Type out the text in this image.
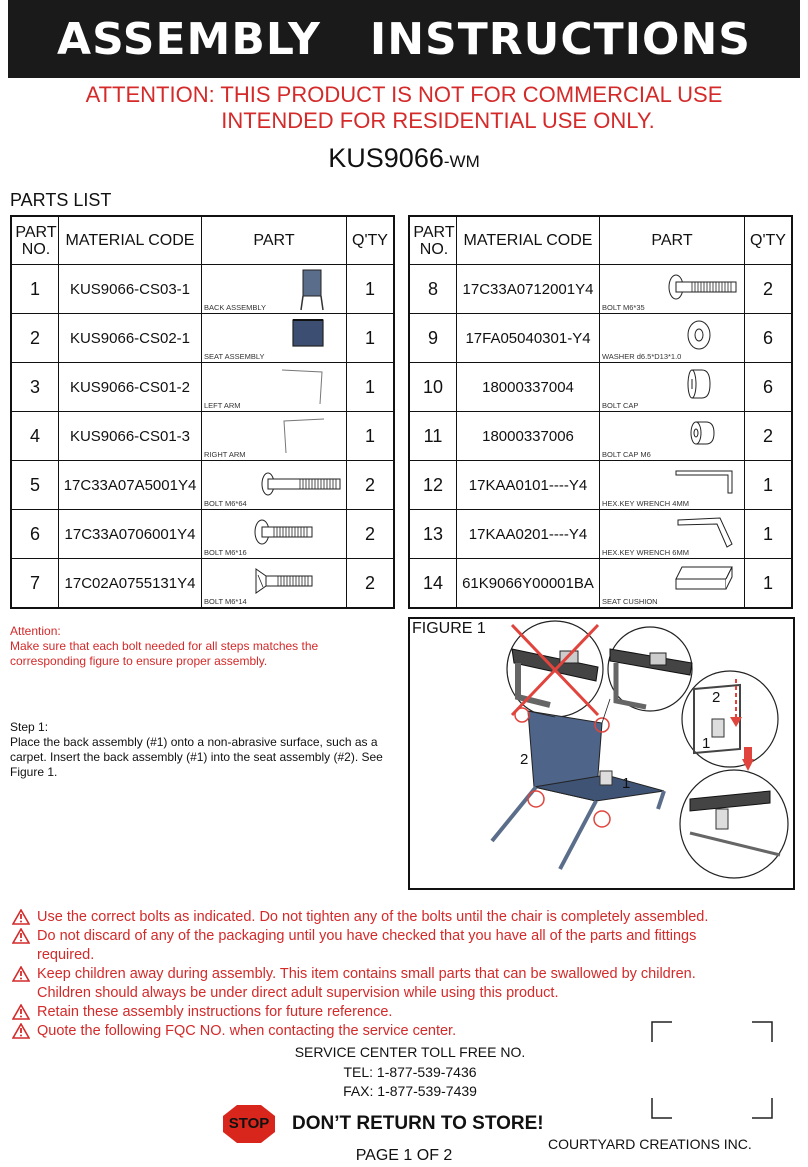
ASSEMBLY   INSTRUCTIONS
ATTENTION: THIS PRODUCT IS NOT FOR COMMERCIAL USE
INTENDED FOR RESIDENTIAL USE ONLY.
KUS9066-WM
PARTS LIST
PART
NO.	MATERIAL CODE	PART	Q'TY
1	KUS9066-CS03-1	BACK ASSEMBLY	1
2	KUS9066-CS02-1	SEAT ASSEMBLY	1
3	KUS9066-CS01-2	LEFT ARM	1
4	KUS9066-CS01-3	RIGHT ARM	1
5	17C33A07A5001Y4	BOLT M6*64	2
6	17C33A0706001Y4	BOLT M6*16	2
7	17C02A0755131Y4	BOLT M6*14	2
PART
NO.	MATERIAL CODE	PART	Q'TY
8	17C33A0712001Y4	BOLT M6*35	2
9	17FA05040301-Y4	WASHER d6.5*D13*1.0	6
10	18000337004	BOLT CAP	6
11	18000337006	BOLT CAP M6	2
12	17KAA0101----Y4	HEX.KEY WRENCH 4MM	1
13	17KAA0201----Y4	HEX.KEY WRENCH 6MM	1
14	61K9066Y00001BA	SEAT CUSHION	1
Attention:
Make sure that each bolt needed for all steps matches the corresponding figure to ensure proper assembly.
Step 1:
Place the back assembly (#1) onto a non-abrasive surface, such as a carpet. Insert the back assembly (#1) into the seat assembly (#2). See Figure 1.
2
1
2
1
FIGURE 1
Use the correct bolts as indicated. Do not tighten any of the bolts until the chair is completely assembled.
Do not discard of any of the packaging until you have checked that you have all of the parts and fittings
required.
Keep children away during assembly. This item contains small parts that can be swallowed by children.
Children should always be under direct adult supervision while using this product.
Retain these assembly instructions for future reference.
Quote the following FQC NO. when contacting the service center.
SERVICE CENTER TOLL FREE NO.
TEL: 1-877-539-7436
FAX: 1-877-539-7439
STOP	DON’T RETURN TO STORE!
COURTYARD CREATIONS INC.
PAGE 1 OF 2
